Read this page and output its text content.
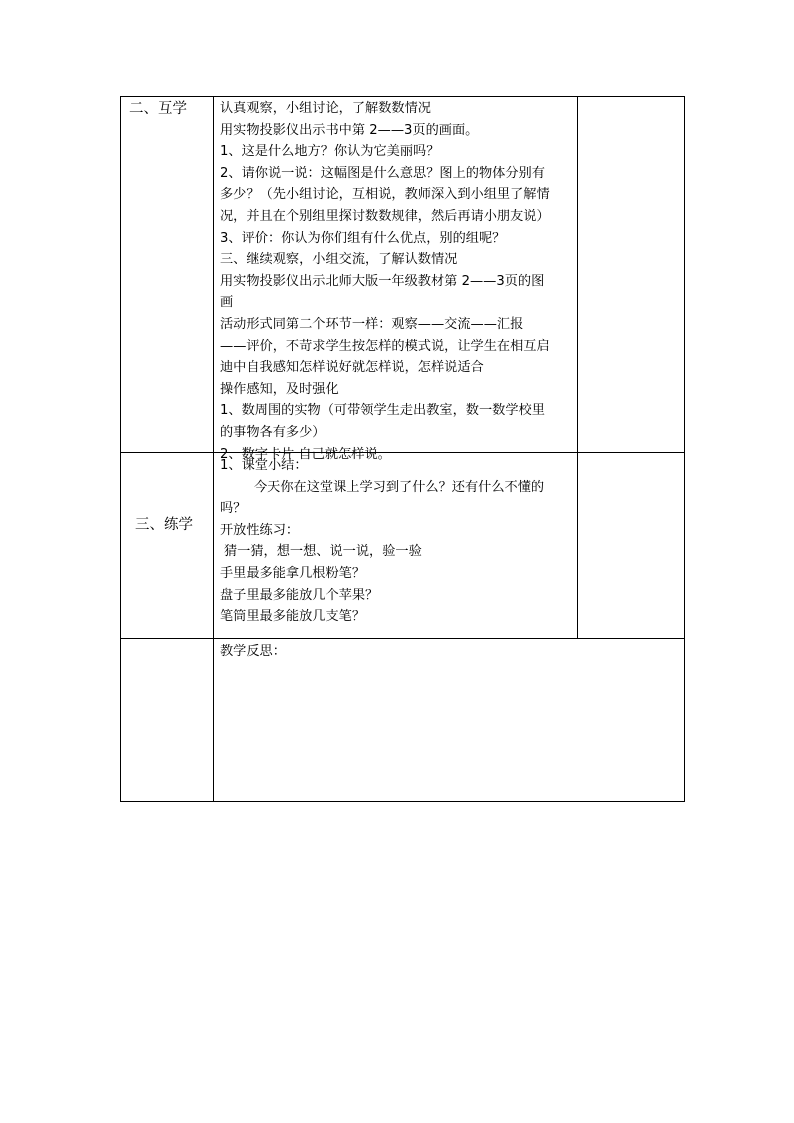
二、互学	认真观察，小组讨论，了解数数情况
用实物投影仪出示书中第 2——3页的画面。
1、这是什么地方？你认为它美丽吗？
2、请你说一说：这幅图是什么意思？图上的物体分别有
多少？（先小组讨论，互相说，教师深入到小组里了解情
况，并且在个别组里探讨数数规律，然后再请小朋友说）
3、评价：你认为你们组有什么优点，别的组呢？
三、继续观察，小组交流，了解认数情况
用实物投影仪出示北师大版一年级教材第 2——3页的图
画
活动形式同第二个环节一样：观察——交流——汇报
——评价，不苛求学生按怎样的模式说，让学生在相互启
迪中自我感知怎样说好就怎样说，怎样说适合
操作感知，及时强化
1、数周围的实物（可带领学生走出教室，数一数学校里
的事物各有多少）
2、数字卡片 自己就怎样说。
三、练学
1、课堂小结：
今天你在这堂课上学习到了什么？还有什么不懂的
吗？
开放性练习：
猜一猜，想一想、说一说，验一验
手里最多能拿几根粉笔？
盘子里最多能放几个苹果？
笔筒里最多能放几支笔？
教学反思：
